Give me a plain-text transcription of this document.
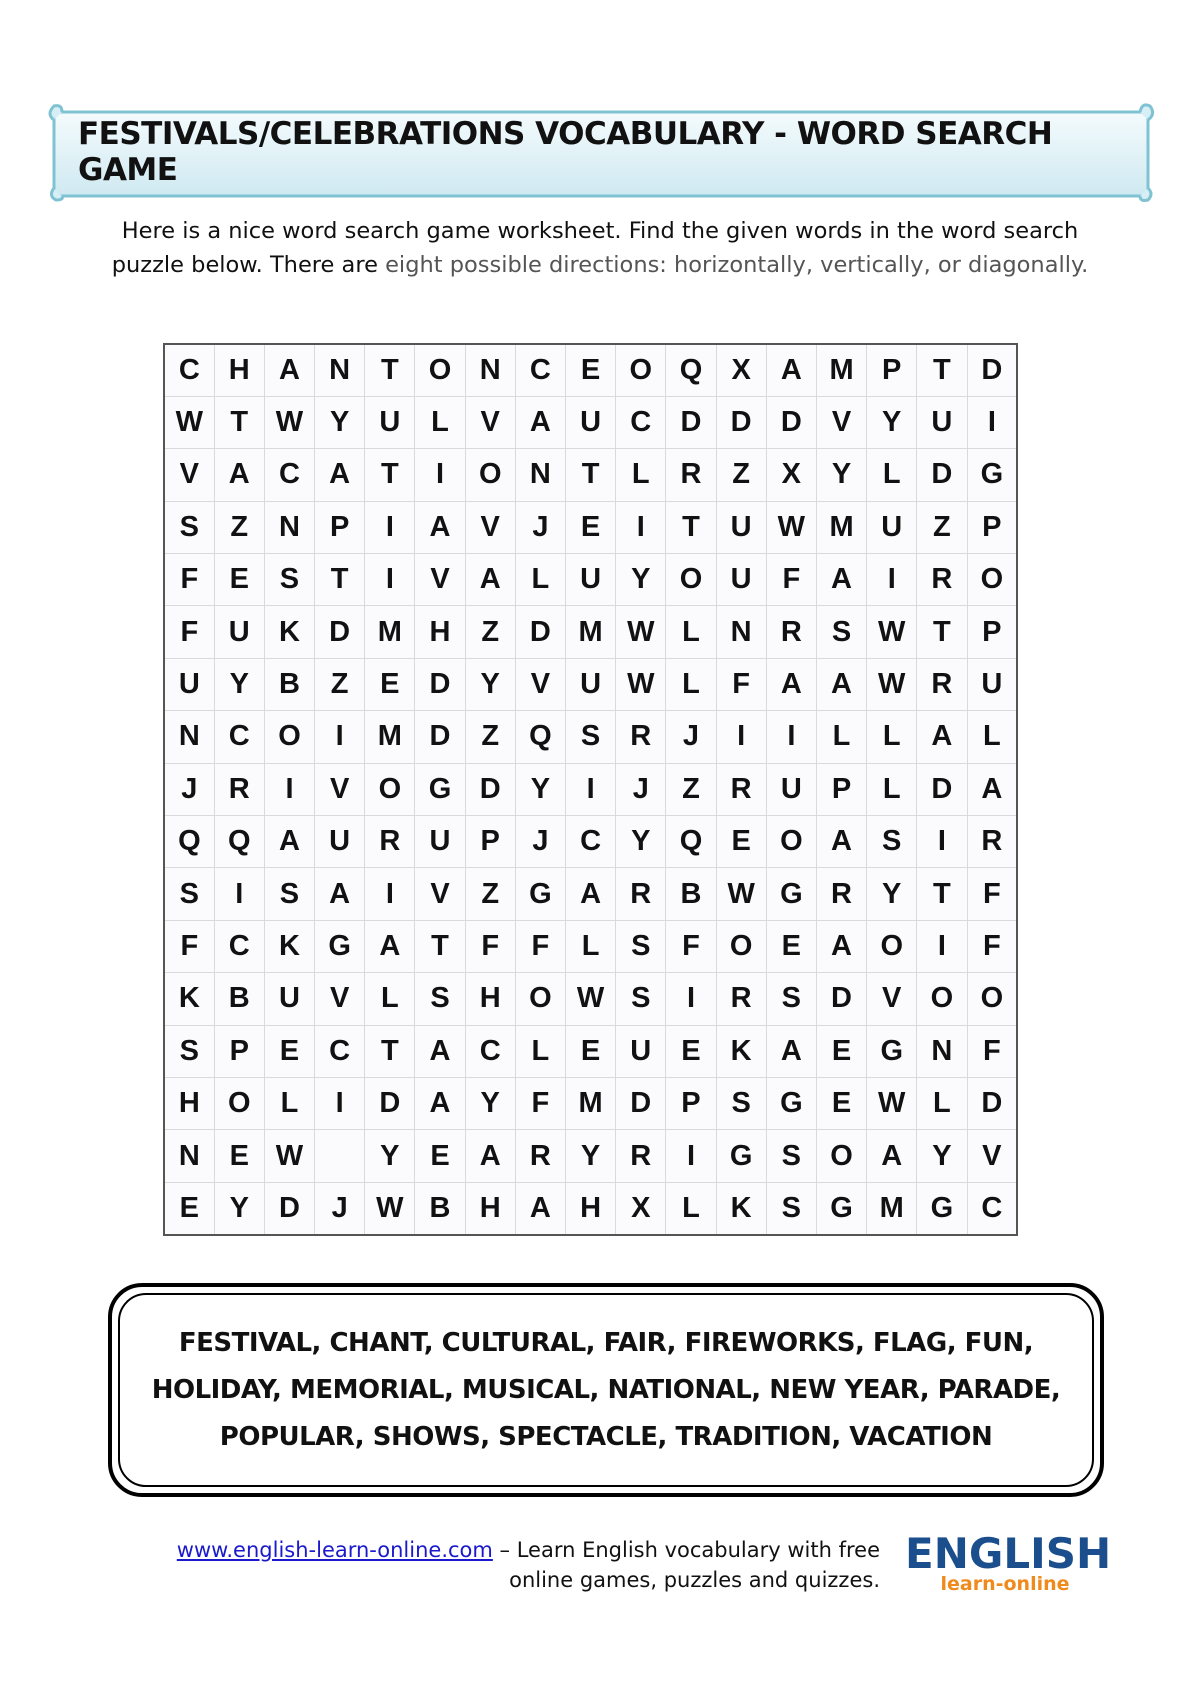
FESTIVALS/CELEBRATIONS VOCABULARY - WORD SEARCH GAME
Here is a nice word search game worksheet. Find the given words in the word search
puzzle below. There are eight possible directions: horizontally, vertically, or diagonally.
C	H	A	N	T	O	N	C	E	O	Q	X	A	M	P	T	D
W	T	W	Y	U	L	V	A	U	C	D	D	D	V	Y	U	I
V	A	C	A	T	I	O	N	T	L	R	Z	X	Y	L	D	G
S	Z	N	P	I	A	V	J	E	I	T	U	W	M	U	Z	P
F	E	S	T	I	V	A	L	U	Y	O	U	F	A	I	R	O
F	U	K	D	M	H	Z	D	M	W	L	N	R	S	W	T	P
U	Y	B	Z	E	D	Y	V	U	W	L	F	A	A	W	R	U
N	C	O	I	M	D	Z	Q	S	R	J	I	I	L	L	A	L
J	R	I	V	O	G	D	Y	I	J	Z	R	U	P	L	D	A
Q	Q	A	U	R	U	P	J	C	Y	Q	E	O	A	S	I	R
S	I	S	A	I	V	Z	G	A	R	B	W	G	R	Y	T	F
F	C	K	G	A	T	F	F	L	S	F	O	E	A	O	I	F
K	B	U	V	L	S	H	O	W	S	I	R	S	D	V	O	O
S	P	E	C	T	A	C	L	E	U	E	K	A	E	G	N	F
H	O	L	I	D	A	Y	F	M	D	P	S	G	E	W	L	D
N	E	W		Y	E	A	R	Y	R	I	G	S	O	A	Y	V
E	Y	D	J	W	B	H	A	H	X	L	K	S	G	M	G	C
FESTIVAL, CHANT, CULTURAL, FAIR, FIREWORKS, FLAG, FUN,
HOLIDAY, MEMORIAL, MUSICAL, NATIONAL, NEW YEAR, PARADE,
POPULAR, SHOWS, SPECTACLE, TRADITION, VACATION
www.english-learn-online.com – Learn English vocabulary with free
online games, puzzles and quizzes.
ENGLISH
learn-online
